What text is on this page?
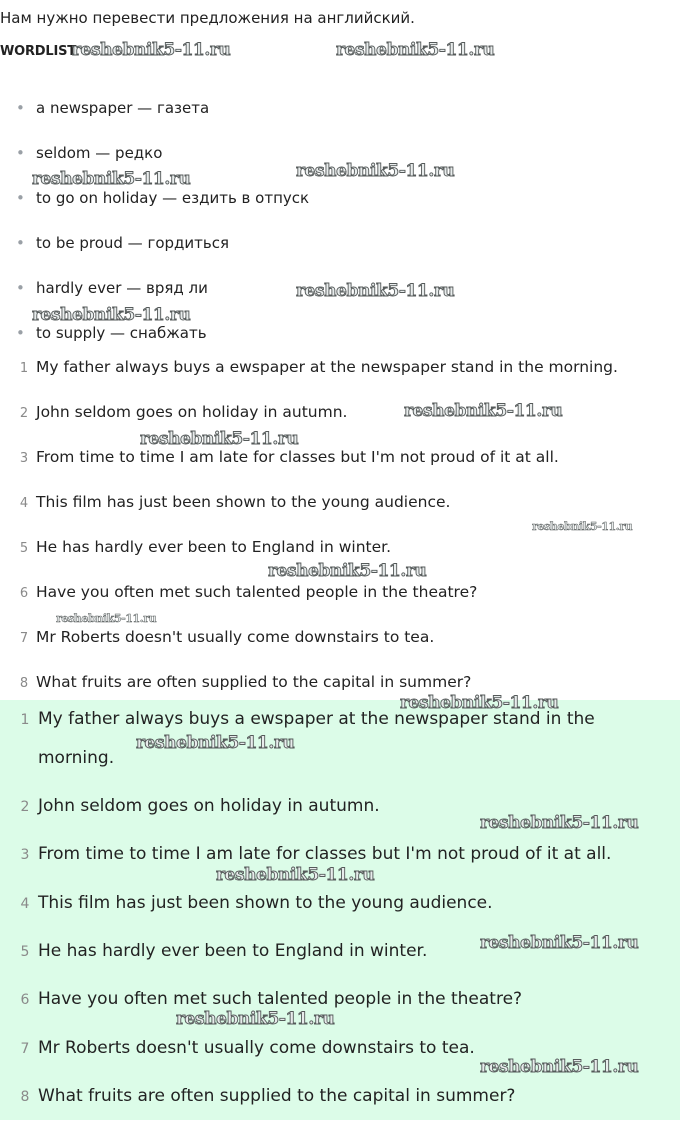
Нам нужно перевести предложения на английский.
WORDLIST
• a newspaper — газета
• seldom — редко
• to go on holiday — ездить в отпуск
• to be proud — гордиться
• hardly ever — вряд ли
• to supply — снабжать
1 My father always buys a ewspaper at the newspaper stand in the morning.
2 John seldom goes on holiday in autumn.
3 From time to time I am late for classes but I'm not proud of it at all.
4 This film has just been shown to the young audience.
5 He has hardly ever been to England in winter.
6 Have you often met such talented people in the theatre?
7 Mr Roberts doesn't usually come downstairs to tea.
8 What fruits are often supplied to the capital in summer?
1 My father always buys a ewspaper at the newspaper stand in the
morning.
2 John seldom goes on holiday in autumn.
3 From time to time I am late for classes but I'm not proud of it at all.
4 This film has just been shown to the young audience.
5 He has hardly ever been to England in winter.
6 Have you often met such talented people in the theatre?
7 Mr Roberts doesn't usually come downstairs to tea.
8 What fruits are often supplied to the capital in summer?
reshebnik5-11.ru	reshebnik5-11.ru
reshebnik5-11.ru
reshebnik5-11.ru
reshebnik5-11.ru
reshebnik5-11.ru
reshebnik5-11.ru
reshebnik5-11.ru
reshebnik5-11.ru
reshebnik5-11.ru
reshebnik5-11.ru
reshebnik5-11.ru
reshebnik5-11.ru
reshebnik5-11.ru
reshebnik5-11.ru
reshebnik5-11.ru
reshebnik5-11.ru
reshebnik5-11.ru
